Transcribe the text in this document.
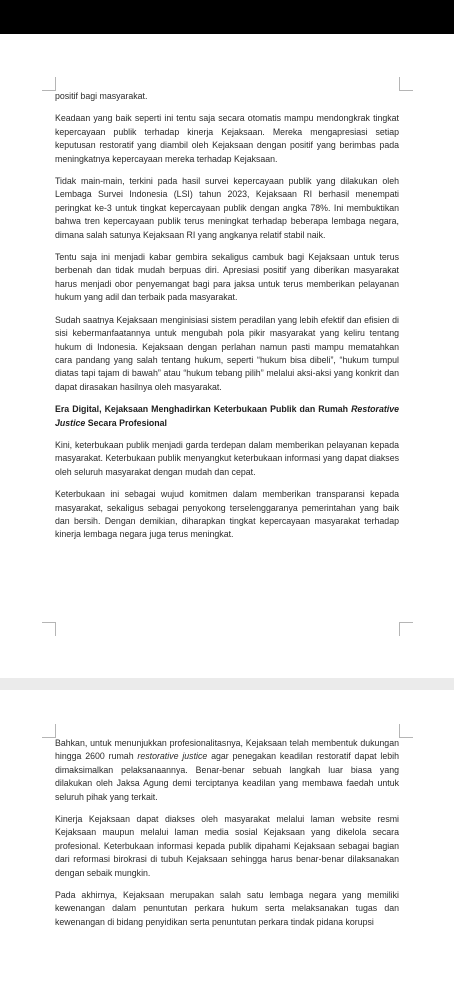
positif bagi masyarakat.

Keadaan yang baik seperti ini tentu saja secara otomatis mampu mendongkrak tingkat kepercayaan publik terhadap kinerja Kejaksaan. Mereka mengapresiasi setiap keputusan restoratif yang diambil oleh Kejaksaan dengan positif yang berimbas pada meningkatnya kepercayaan mereka terhadap Kejaksaan.

Tidak main-main, terkini pada hasil survei kepercayaan publik yang dilakukan oleh Lembaga Survei Indonesia (LSI) tahun 2023, Kejaksaan RI berhasil menempati peringkat ke-3 untuk tingkat kepercayaan publik dengan angka 78%. Ini membuktikan bahwa tren kepercayaan publik terus meningkat terhadap beberapa lembaga negara, dimana salah satunya Kejaksaan RI yang angkanya relatif stabil naik.

Tentu saja ini menjadi kabar gembira sekaligus cambuk bagi Kejaksaan untuk terus berbenah dan tidak mudah berpuas diri. Apresiasi positif yang diberikan masyarakat harus menjadi obor penyemangat bagi para jaksa untuk terus memberikan pelayanan hukum yang adil dan terbaik pada masyarakat.

Sudah saatnya Kejaksaan menginisiasi sistem peradilan yang lebih efektif dan efisien di sisi kebermanfaatannya untuk mengubah pola pikir masyarakat yang keliru tentang hukum di Indonesia. Kejaksaan dengan perlahan namun pasti mampu mematahkan cara pandang yang salah tentang hukum, seperti “hukum bisa dibeli”, “hukum tumpul diatas tapi tajam di bawah” atau “hukum tebang pilih” melalui aksi-aksi yang konkrit dan dapat dirasakan hasilnya oleh masyarakat.

Era Digital, Kejaksaan Menghadirkan Keterbukaan Publik dan Rumah Restorative Justice Secara Profesional

Kini, keterbukaan publik menjadi garda terdepan dalam memberikan pelayanan kepada masyarakat. Keterbukaan publik menyangkut keterbukaan informasi yang dapat diakses oleh seluruh masyarakat dengan mudah dan cepat.

Keterbukaan ini sebagai wujud komitmen dalam memberikan transparansi kepada masyarakat, sekaligus sebagai penyokong terselenggaranya pemerintahan yang baik dan bersih. Dengan demikian, diharapkan tingkat kepercayaan masyarakat terhadap kinerja lembaga negara juga terus meningkat.

Bahkan, untuk menunjukkan profesionalitasnya, Kejaksaan telah membentuk dukungan hingga 2600 rumah restorative justice agar penegakan keadilan restoratif dapat lebih dimaksimalkan pelaksanaannya. Benar-benar sebuah langkah luar biasa yang dilakukan oleh Jaksa Agung demi terciptanya keadilan yang membawa faedah untuk seluruh pihak yang terkait.

Kinerja Kejaksaan dapat diakses oleh masyarakat melalui laman website resmi Kejaksaan maupun melalui laman media sosial Kejaksaan yang dikelola secara profesional. Keterbukaan informasi kepada publik dipahami Kejaksaan sebagai bagian dari reformasi birokrasi di tubuh Kejaksaan sehingga harus benar-benar dilaksanakan dengan sebaik mungkin.

Pada akhirnya, Kejaksaan merupakan salah satu lembaga negara yang memiliki kewenangan dalam penuntutan perkara hukum serta melaksanakan tugas dan kewenangan di bidang penyidikan serta penuntutan perkara tindak pidana korupsi
